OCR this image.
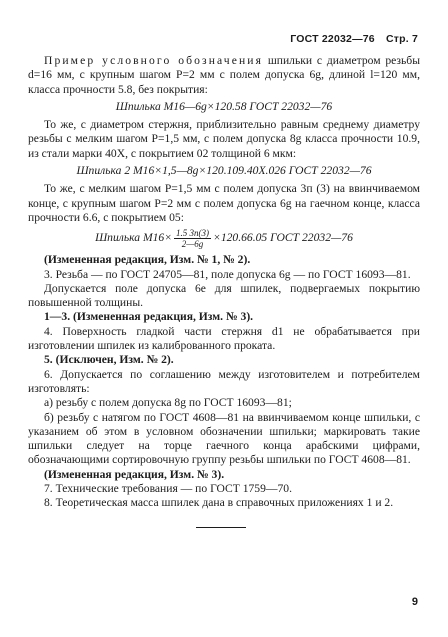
ГОСТ 22032—76 Стр. 7

Пример условного обозначения шпильки с диаметром резьбы d=16 мм, с крупным шагом P=2 мм с полем допуска 6g, длиной l=120 мм, класса прочности 5.8, без покрытия:

Шпилька M16—6g×120.58 ГОСТ 22032—76

То же, с диаметром стержня, приблизительно равным среднему диаметру резьбы с мелким шагом P=1,5 мм, с полем допуска 8g класса прочности 10.9, из стали марки 40Х, с покрытием 02 толщиной 6 мкм:

Шпилька 2 M16×1,5—8g×120.109.40Х.026 ГОСТ 22032—76

То же, с мелким шагом P=1,5 мм с полем допуска 3п (3) на ввинчиваемом конце, с крупным шагом P=2 мм с полем допуска 6g на гаечном конце, класса прочности 6.6, с покрытием 05:

Шпилька $M16\times \frac{1.5 3п(3)}{2—6g} \times 120.66.05$ ГОСТ 22032—76

(Измененная редакция, Изм. № 1, № 2).

3. Резьба — по ГОСТ 24705—81, поле допуска 6g — по ГОСТ 16093—81.

Допускается поле допуска 6е для шпилек, подвергаемых покрытию повышенной толщины.

1—3. (Измененная редакция, Изм. № 3).

4. Поверхность гладкой части стержня d1 не обрабатывается при изготовлении шпилек из калиброванного проката.

5. (Исключен, Изм. № 2).

6. Допускается по соглашению между изготовителем и потребителем изготовлять:

а) резьбу с полем допуска 8g по ГОСТ 16093—81;

б) резьбу с натягом по ГОСТ 4608—81 на ввинчиваемом конце шпильки, с указанием об этом в условном обозначении шпильки; маркировать такие шпильки следует на торце гаечного конца арабскими цифрами, обозначающими сортировочную группу резьбы шпильки по ГОСТ 4608—81.

(Измененная редакция, Изм. № 3).

7. Технические требования — по ГОСТ 1759—70.

8. Теоретическая масса шпилек дана в справочных приложениях 1 и 2.

9
